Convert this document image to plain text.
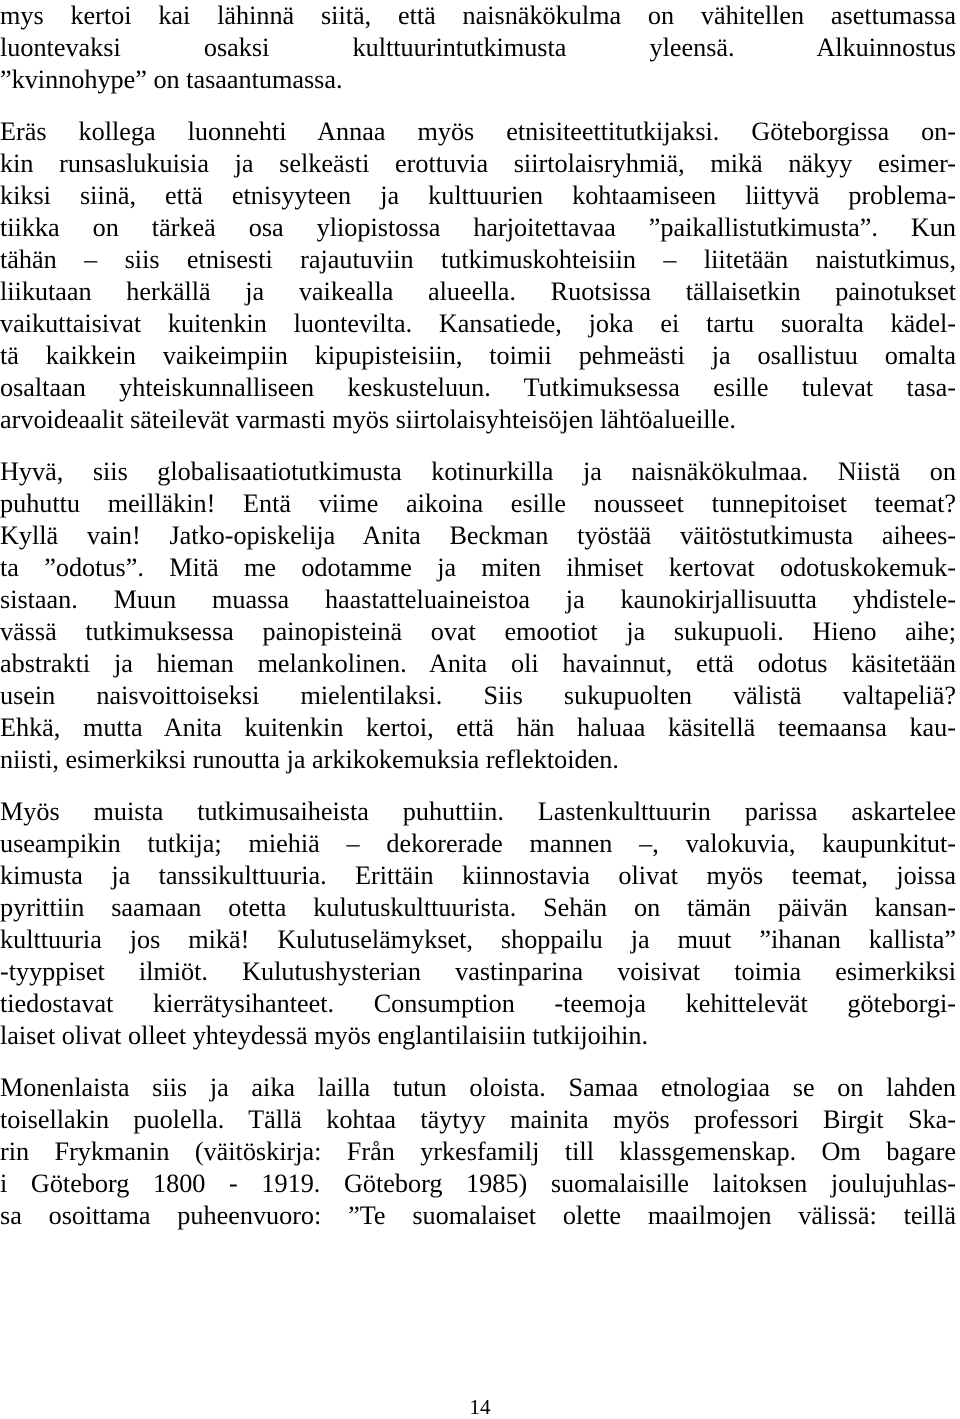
mys kertoi kai lähinnä siitä, että naisnäkökulma on vähitellen asettumassa
luontevaksi osaksi kulttuurintutkimusta yleensä. Alkuinnostus
”kvinnohype” on tasaantumassa.

Eräs kollega luonnehti Annaa myös etnisiteettitutkijaksi. Göteborgissa on-
kin runsaslukuisia ja selkeästi erottuvia siirtolaisryhmiä, mikä näkyy esimer-
kiksi siinä, että etnisyyteen ja kulttuurien kohtaamiseen liittyvä problema-
tiikka on tärkeä osa yliopistossa harjoitettavaa ”paikallistutkimusta”. Kun
tähän – siis etnisesti rajautuviin tutkimuskohteisiin – liitetään naistutkimus,
liikutaan herkällä ja vaikealla alueella. Ruotsissa tällaisetkin painotukset
vaikuttaisivat kuitenkin luontevilta. Kansatiede, joka ei tartu suoralta kädel-
tä kaikkein vaikeimpiin kipupisteisiin, toimii pehmeästi ja osallistuu omalta
osaltaan yhteiskunnalliseen keskusteluun. Tutkimuksessa esille tulevat tasa-
arvoideaalit säteilevät varmasti myös siirtolaisyhteisöjen lähtöalueille.

Hyvä, siis globalisaatiotutkimusta kotinurkilla ja naisnäkökulmaa. Niistä on
puhuttu meilläkin! Entä viime aikoina esille nousseet tunnepitoiset teemat?
Kyllä vain! Jatko-opiskelija Anita Beckman työstää väitöstutkimusta aihees-
ta ”odotus”. Mitä me odotamme ja miten ihmiset kertovat odotuskokemuk-
sistaan. Muun muassa haastatteluaineistoa ja kaunokirjallisuutta yhdistele-
vässä tutkimuksessa painopisteinä ovat emootiot ja sukupuoli. Hieno aihe;
abstrakti ja hieman melankolinen. Anita oli havainnut, että odotus käsitetään
usein naisvoittoiseksi mielentilaksi. Siis sukupuolten välistä valtapeliä?
Ehkä, mutta Anita kuitenkin kertoi, että hän haluaa käsitellä teemaansa kau-
niisti, esimerkiksi runoutta ja arkikokemuksia reflektoiden.

Myös muista tutkimusaiheista puhuttiin. Lastenkulttuurin parissa askartelee
useampikin tutkija; miehiä – dekorerade mannen –, valokuvia, kaupunkitut-
kimusta ja tanssikulttuuria. Erittäin kiinnostavia olivat myös teemat, joissa
pyrittiin saamaan otetta kulutuskulttuurista. Sehän on tämän päivän kansan-
kulttuuria jos mikä! Kulutuselämykset, shoppailu ja muut ”ihanan kallista”
-tyyppiset ilmiöt. Kulutushysterian vastinparina voisivat toimia esimerkiksi
tiedostavat kierrätysihanteet. Consumption -teemoja kehittelevät göteborgi-
laiset olivat olleet yhteydessä myös englantilaisiin tutkijoihin.

Monenlaista siis ja aika lailla tutun oloista. Samaa etnologiaa se on lahden
toisellakin puolella. Tällä kohtaa täytyy mainita myös professori Birgit Ska-
rin Frykmanin (väitöskirja: Från yrkesfamilj till klassgemenskap. Om bagare
i Göteborg 1800 - 1919. Göteborg 1985) suomalaisille laitoksen joulujuhlas-
sa osoittama puheenvuoro: ”Te suomalaiset olette maailmojen välissä: teillä

14
